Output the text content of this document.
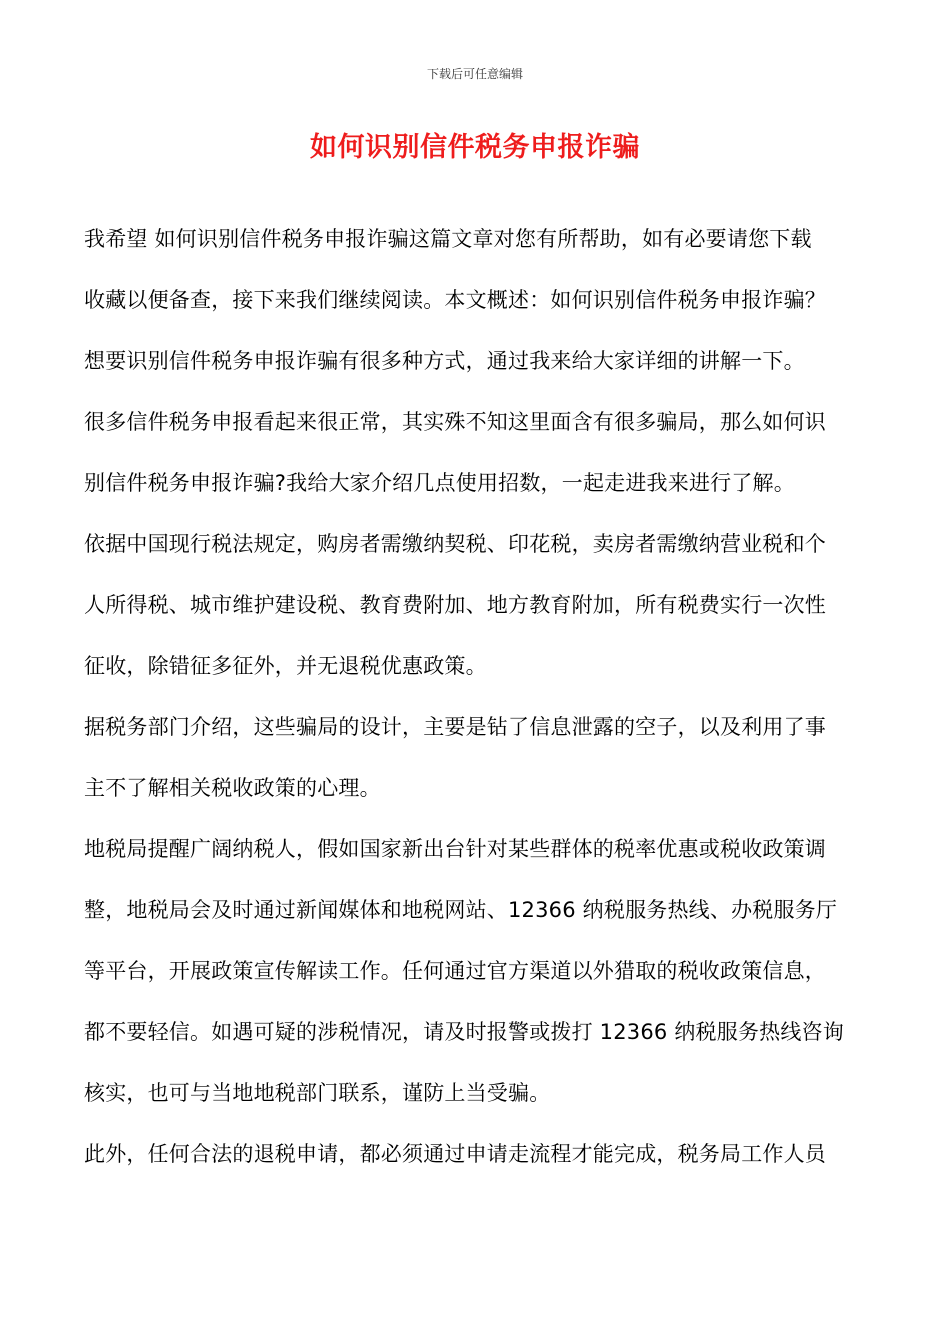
下载后可任意编辑
如何识别信件税务申报诈骗
我希望 如何识别信件税务申报诈骗这篇文章对您有所帮助，如有必要请您下载
收藏以便备查，接下来我们继续阅读。本文概述：如何识别信件税务申报诈骗？
想要识别信件税务申报诈骗有很多种方式，通过我来给大家详细的讲解一下。
很多信件税务申报看起来很正常，其实殊不知这里面含有很多骗局，那么如何识
别信件税务申报诈骗?我给大家介绍几点使用招数，一起走进我来进行了解。
依据中国现行税法规定，购房者需缴纳契税、印花税，卖房者需缴纳营业税和个
人所得税、城市维护建设税、教育费附加、地方教育附加，所有税费实行一次性
征收，除错征多征外，并无退税优惠政策。
据税务部门介绍，这些骗局的设计，主要是钻了信息泄露的空子，以及利用了事
主不了解相关税收政策的心理。
地税局提醒广阔纳税人，假如国家新出台针对某些群体的税率优惠或税收政策调
整，地税局会及时通过新闻媒体和地税网站、12366 纳税服务热线、办税服务厅
等平台，开展政策宣传解读工作。任何通过官方渠道以外猎取的税收政策信息，
都不要轻信。如遇可疑的涉税情况，请及时报警或拨打 12366 纳税服务热线咨询
核实，也可与当地地税部门联系，谨防上当受骗。
此外，任何合法的退税申请，都必须通过申请走流程才能完成，税务局工作人员
